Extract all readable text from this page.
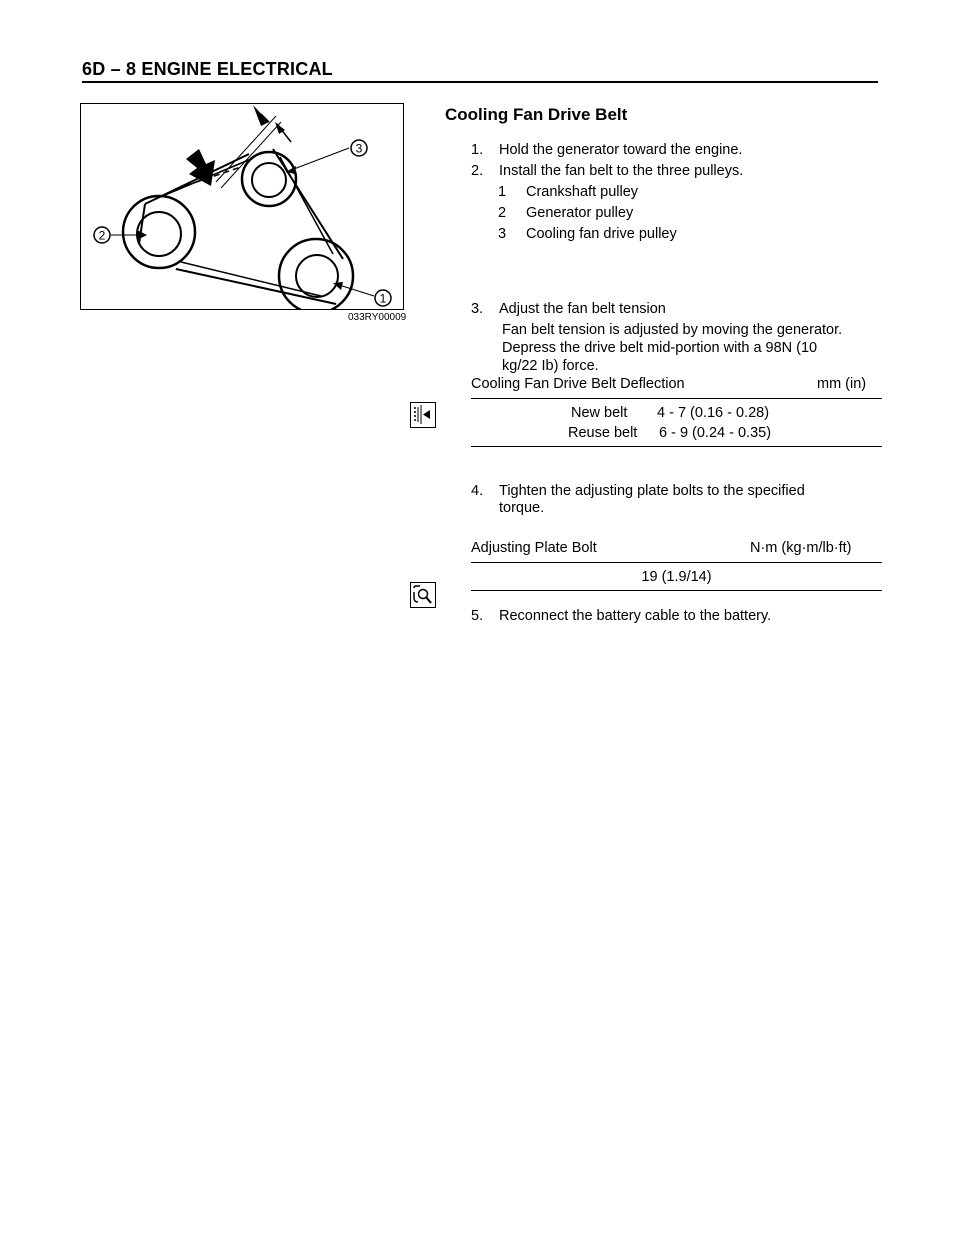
6D – 8 ENGINE ELECTRICAL
3
2
1
033RY00009
Cooling Fan Drive Belt
1. Hold the generator toward the engine.
2. Install the fan belt to the three pulleys.
1 Crankshaft pulley
2 Generator pulley
3 Cooling fan drive pulley
3. Adjust the fan belt tension
Fan belt tension is adjusted by moving the generator.
Depress the drive belt mid-portion with a 98N (10
kg/22 Ib) force.
Cooling Fan Drive Belt Deflection	mm (in)
New belt 4 - 7 (0.16 - 0.28)
Reuse belt 6 - 9 (0.24 - 0.35)
4. Tighten the adjusting plate bolts to the specified
torque.
Adjusting Plate Bolt	N·m (kg·m/lb·ft)
19 (1.9/14)
5. Reconnect the battery cable to the battery.
